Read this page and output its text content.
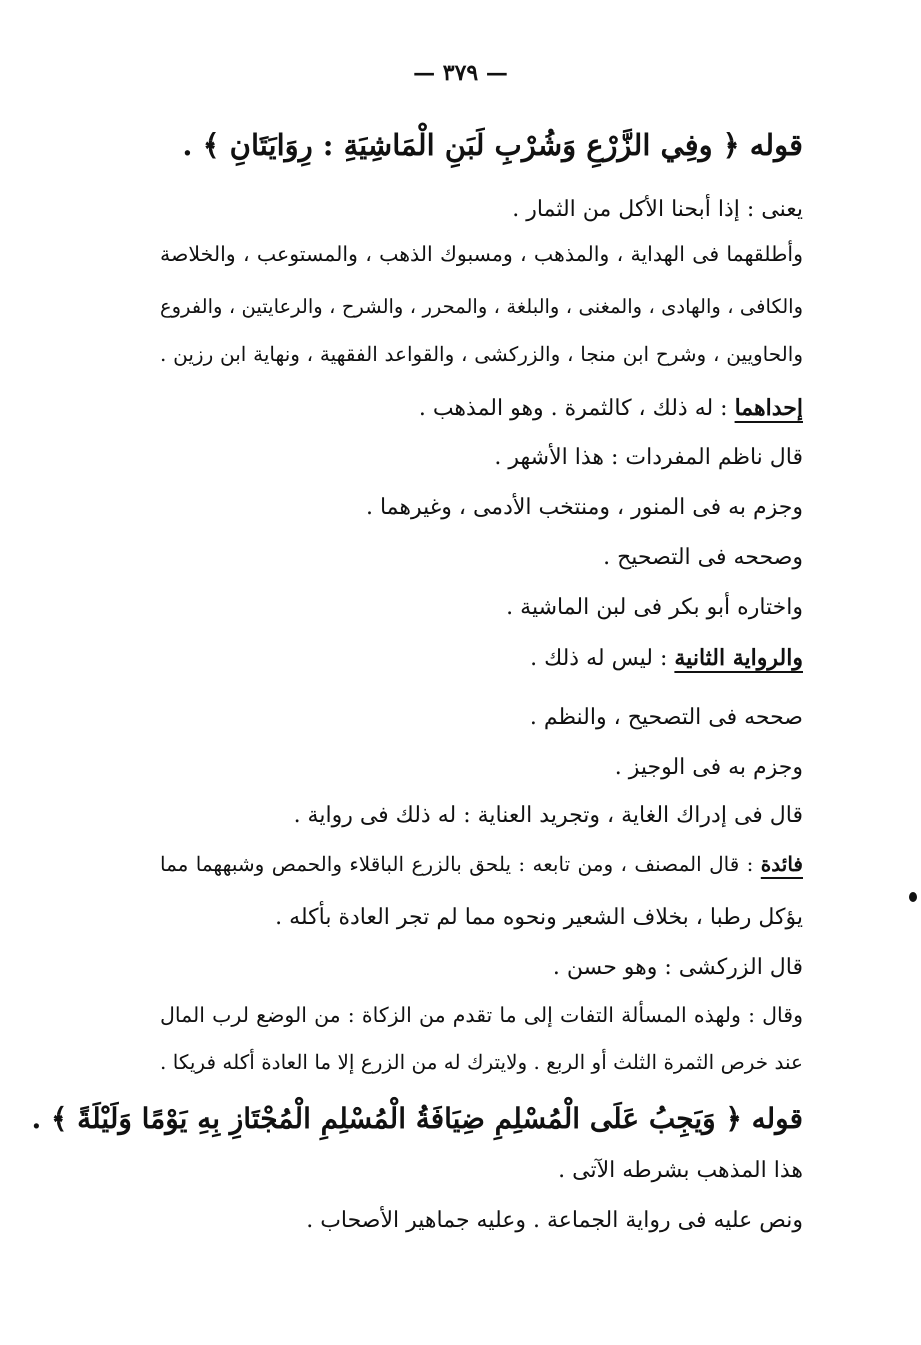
— ٣٧٩ —
قوله ﴿ وفِي الزَّرْعِ وَشُرْبِ لَبَنِ الْمَاشِيَةِ : رِوَايَتَانِ ﴾ .
يعنى : إذا أبحنا الأكل من الثمار .
وأطلقهما فى الهداية ، والمذهب ، ومسبوك الذهب ، والمستوعب ، والخلاصة
والكافى ، والهادى ، والمغنى ، والبلغة ، والمحرر ، والشرح ، والرعايتين ، والفروع
والحاويين ، وشرح ابن منجا ، والزركشى ، والقواعد الفقهية ، ونهاية ابن رزين .
إحداهما : له ذلك ، كالثمرة . وهو المذهب .
قال ناظم المفردات : هذا الأشهر .
وجزم به فى المنور ، ومنتخب الأدمى ، وغيرهما .
وصححه فى التصحيح .
واختاره أبو بكر فى لبن الماشية .
والرواية الثانية : ليس له ذلك .
صححه فى التصحيح ، والنظم .
وجزم به فى الوجيز .
قال فى إدراك الغاية ، وتجريد العناية : له ذلك فى رواية .
فائدة : قال المصنف ، ومن تابعه : يلحق بالزرع الباقلاء والحمص وشبههما مما
يؤكل رطبا ، بخلاف الشعير ونحوه مما لم تجر العادة بأكله .
قال الزركشى : وهو حسن .
وقال : ولهذه المسألة التفات إلى ما تقدم من الزكاة : من الوضع لرب المال
عند خرص الثمرة الثلث أو الربع . ولايترك له من الزرع إلا ما العادة أكله فريكا .
قوله ﴿ وَيَجِبُ عَلَى الْمُسْلِمِ ضِيَافَةُ الْمُسْلِمِ الْمُجْتَازِ بِهِ يَوْمًا وَلَيْلَةً ﴾ .
هذا المذهب بشرطه الآتى .
ونص عليه فى رواية الجماعة . وعليه جماهير الأصحاب .
